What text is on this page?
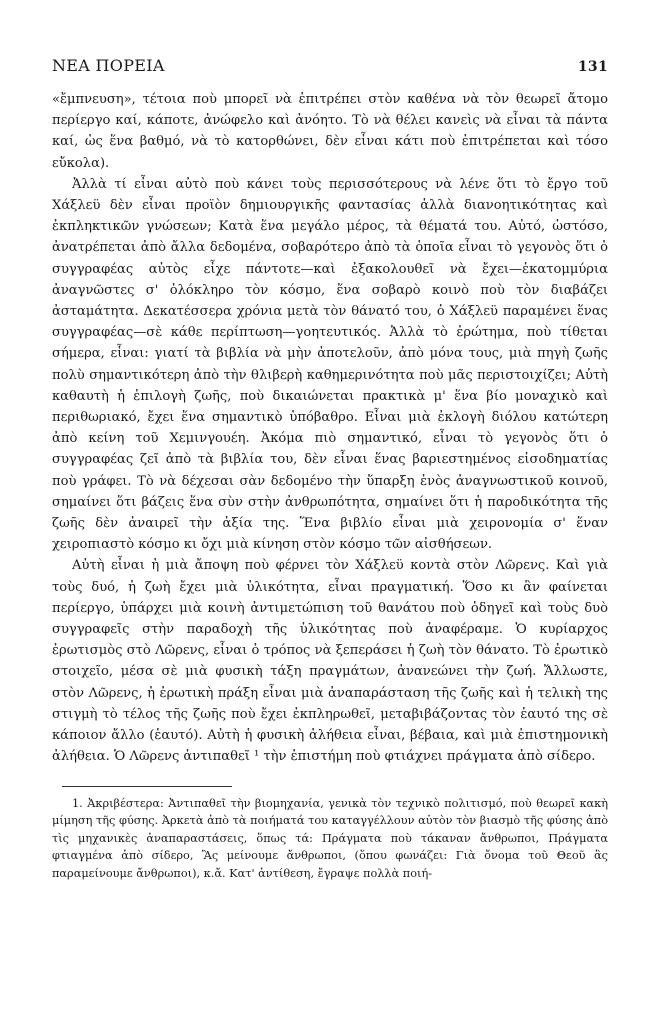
ΝΕΑ ΠΟΡΕΙΑ	131

«ἔμπνευση», τέτοια ποὺ μπορεῖ νὰ ἐπιτρέπει στὸν καθένα νὰ τὸν θεωρεῖ ἄτομο περίεργο καί, κάποτε, ἀνώφελο καὶ ἀνόητο. Τὸ νὰ θέλει κανεὶς νὰ εἶναι τὰ πάντα καί, ὡς ἕνα βαθμό, νὰ τὸ κατορθώνει, δὲν εἶναι κάτι ποὺ ἐπιτρέπεται καὶ τόσο εὔκολα).

Ἀλλὰ τί εἶναι αὐτὸ ποὺ κάνει τοὺς περισσότερους νὰ λένε ὅτι τὸ ἔργο τοῦ Χάξλεϋ δὲν εἶναι προϊὸν δημιουργικῆς φαντασίας ἀλλὰ διανοητικότητας καὶ ἐκπληκτικῶν γνώσεων; Κατὰ ἕνα μεγάλο μέρος, τὰ θέματά του. Αὐτό, ὡστόσο, ἀνατρέπεται ἀπὸ ἄλλα δεδομένα, σοβαρότερο ἀπὸ τὰ ὁποῖα εἶναι τὸ γεγονὸς ὅτι ὁ συγγραφέας αὐτὸς εἶχε πάντοτε—καὶ ἐξακολουθεῖ νὰ ἔχει—ἑκατομμύρια ἀναγνῶστες σ' ὁλόκληρο τὸν κόσμο, ἕνα σοβαρὸ κοινὸ ποὺ τὸν διαβάζει ἀσταμάτητα. Δεκατέσσερα χρόνια μετὰ τὸν θάνατό του, ὁ Χάξλεϋ παραμένει ἕνας συγγραφέας—σὲ κάθε περίπτωση—γοητευτικός. Ἀλλὰ τὸ ἐρώτημα, ποὺ τίθεται σήμερα, εἶναι: γιατί τὰ βιβλία νὰ μὴν ἀποτελοῦν, ἀπὸ μόνα τους, μιὰ πηγὴ ζωῆς πολὺ σημαντικότερη ἀπὸ τὴν θλιβερὴ καθημερινότητα ποὺ μᾶς περιστοιχίζει; Αὐτὴ καθαυτὴ ἡ ἐπιλογὴ ζωῆς, ποὺ δικαιώνεται πρακτικὰ μ' ἕνα βίο μοναχικὸ καὶ περιθωριακό, ἔχει ἕνα σημαντικὸ ὑπόβαθρο. Εἶναι μιὰ ἐκλογὴ διόλου κατώτερη ἀπὸ κείνη τοῦ Χεμινγουέη. Ἀκόμα πιὸ σημαντικό, εἶναι τὸ γεγονὸς ὅτι ὁ συγγραφέας ζεῖ ἀπὸ τὰ βιβλία του, δὲν εἶναι ἕνας βαριεστημένος εἰσοδηματίας ποὺ γράφει. Τὸ νὰ δέχεσαι σὰν δεδομένο τὴν ὕπαρξη ἑνὸς ἀναγνωστικοῦ κοινοῦ, σημαίνει ὅτι βάζεις ἕνα σὺν στὴν ἀνθρωπότητα, σημαίνει ὅτι ἡ παροδικότητα τῆς ζωῆς δὲν ἀναιρεῖ τὴν ἀξία της. Ἕνα βιβλίο εἶναι μιὰ χειρονομία σ' ἕναν χειροπιαστὸ κόσμο κι ὄχι μιὰ κίνηση στὸν κόσμο τῶν αἰσθήσεων.

Αὐτὴ εἶναι ἡ μιὰ ἄποψη ποὺ φέρνει τὸν Χάξλεϋ κοντὰ στὸν Λῶρενς. Καὶ γιὰ τοὺς δυό, ἡ ζωὴ ἔχει μιὰ ὑλικότητα, εἶναι πραγματική. Ὅσο κι ἂν φαίνεται περίεργο, ὑπάρχει μιὰ κοινὴ ἀντιμετώπιση τοῦ θανάτου ποὺ ὁδηγεῖ καὶ τοὺς δυὸ συγγραφεῖς στὴν παραδοχὴ τῆς ὑλικότητας ποὺ ἀναφέραμε. Ὁ κυρίαρχος ἐρωτισμὸς στὸ Λῶρενς, εἶναι ὁ τρόπος νὰ ξεπεράσει ἡ ζωὴ τὸν θάνατο. Τὸ ἐρωτικὸ στοιχεῖο, μέσα σὲ μιὰ φυσικὴ τάξη πραγμάτων, ἀνανεώνει τὴν ζωή. Ἄλλωστε, στὸν Λῶρενς, ἡ ἐρωτικὴ πράξη εἶναι μιὰ ἀναπαράσταση τῆς ζωῆς καὶ ἡ τελικὴ της στιγμὴ τὸ τέλος τῆς ζωῆς ποὺ ἔχει ἐκπληρωθεῖ, μεταβιβάζοντας τὸν ἑαυτό της σὲ κάποιον ἄλλο (ἑαυτό). Αὐτὴ ἡ φυσικὴ ἀλήθεια εἶναι, βέβαια, καὶ μιὰ ἐπιστημονικὴ ἀλήθεια. Ὁ Λῶρενς ἀντιπαθεῖ ¹ τὴν ἐπιστήμη ποὺ φτιάχνει πράγματα ἀπὸ σίδερο.

1. Ἀκριβέστερα: Ἀντιπαθεῖ τὴν βιομηχανία, γενικὰ τὸν τεχνικὸ πολιτισμό, ποὺ θεωρεῖ κακὴ μίμηση τῆς φύσης. Ἀρκετὰ ἀπὸ τὰ ποιήματά του καταγγέλλουν αὐτὸν τὸν βιασμὸ τῆς φύσης ἀπὸ τὶς μηχανικὲς ἀναπαραστάσεις, ὅπως τά: Πράγματα ποὺ τάκαναν ἄνθρωποι, Πράγματα φτιαγμένα ἀπὸ σίδερο, Ἂς μείνουμε ἄνθρωποι, (ὅπου φωνάζει: Γιὰ ὄνομα τοῦ Θεοῦ ἂς παραμείνουμε ἄνθρωποι), κ.ἄ. Κατ' ἀντίθεση, ἔγραψε πολλὰ ποιή-
